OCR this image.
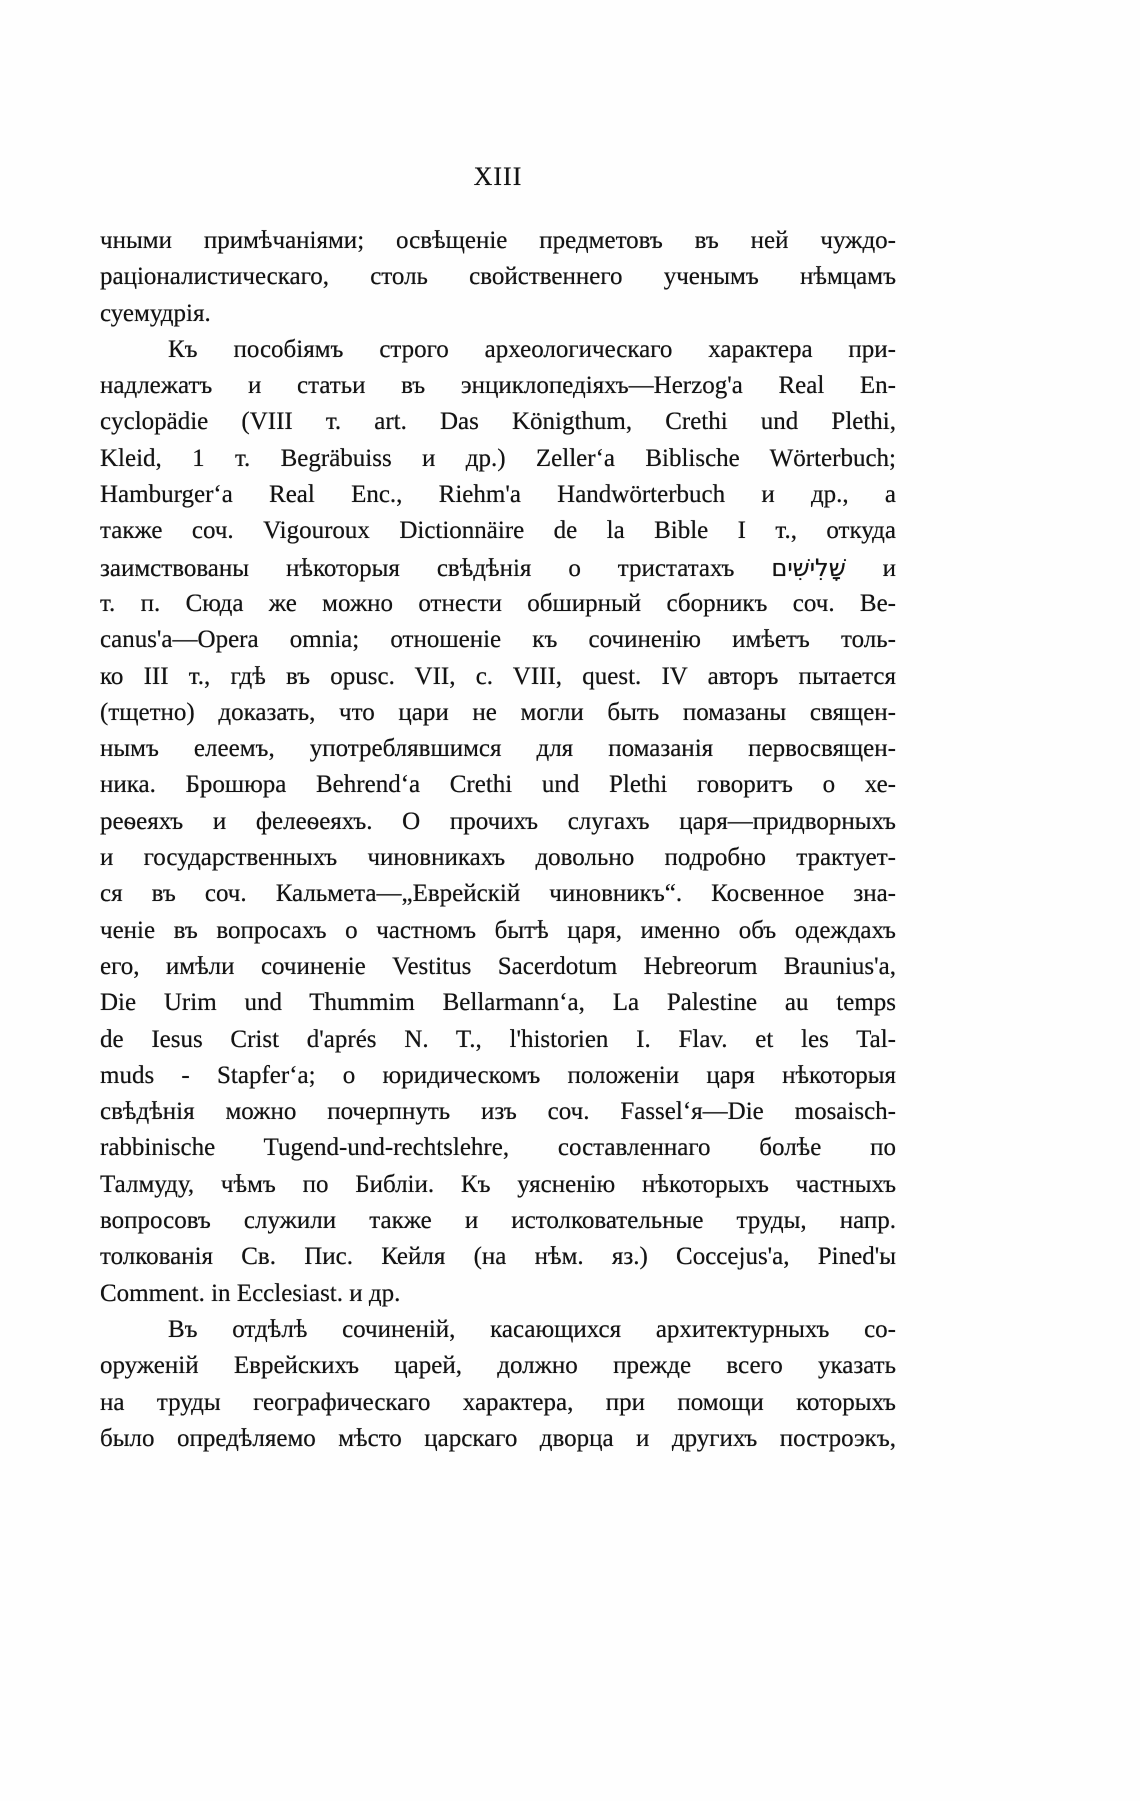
XIII
чными примѣчаніями; освѣщеніе предметовъ въ ней чуждо-
раціоналистическаго, столь свойственнего ученымъ нѣмцамъ
суемудрія.
Къ пособіямъ строго археологическаго характера при-
надлежатъ и статьи въ энциклопедіяхъ—Herzog'a Real En-
cyclopädie (VIII т. art. Das Königthum, Crethi und Plethi,
Kleid, 1 т. Begräbuiss и др.) Zeller‘a Biblische Wörterbuch;
Hamburger‘a Real Enc., Riehm'a Handwörterbuch и др., а
также соч. Vigouroux Dictionnäire de la Bible I т., откуда
заимствованы нѣкоторыя свѣдѣнія о тристатахъ שָׁלִישִׁים и
т. п. Сюда же можно отнести обширный сборникъ соч. Be-
canus'a—Opera omnia; отношеніе къ сочиненію имѣетъ толь-
ко III т., гдѣ въ opusc. VII, c. VIII, quest. IV авторъ пытается
(тщетно) доказать, что цари не могли быть помазаны священ-
нымъ елеемъ, употреблявшимся для помазанія первосвящен-
ника. Брошюра Behrend‘a Crethi und Plethi говоритъ о хе-
реѳеяхъ и фелеѳеяхъ. О прочихъ слугахъ царя—придворныхъ
и государственныхъ чиновникахъ довольно подробно трактует-
ся въ соч. Кальмета—„Еврейскій чиновникъ“. Косвенное зна-
ченіе въ вопросахъ о частномъ бытѣ царя, именно объ одеждахъ
его, имѣли сочиненіе Vestitus Sacerdotum Hebreorum Braunius'a,
Die Urim und Thummim Bellarmann‘a, La Palestine au temps
de Iesus Crist d'aprés N. T., l'historien I. Flav. et les Tal-
muds - Stapfer‘a; о юридическомъ положеніи царя нѣкоторыя
свѣдѣнія можно почерпнуть изъ соч. Fassel‘я—Die mosaisch-
rabbinische Tugend-und-rechtslehre, составленнаго болѣе по
Талмуду, чѣмъ по Библіи. Къ уясненію нѣкоторыхъ частныхъ
вопросовъ служили также и истолковательные труды, напр.
толкованія Св. Пис. Кейля (на нѣм. яз.) Coccejus'a, Pined'ы
Comment. in Ecclesiast. и др.
Въ отдѣлѣ сочиненій, касающихся архитектурныхъ со-
оруженій Еврейскихъ царей, должно прежде всего указать
на труды географическаго характера, при помощи которыхъ
было опредѣляемо мѣсто царскаго дворца и другихъ построэкъ,
